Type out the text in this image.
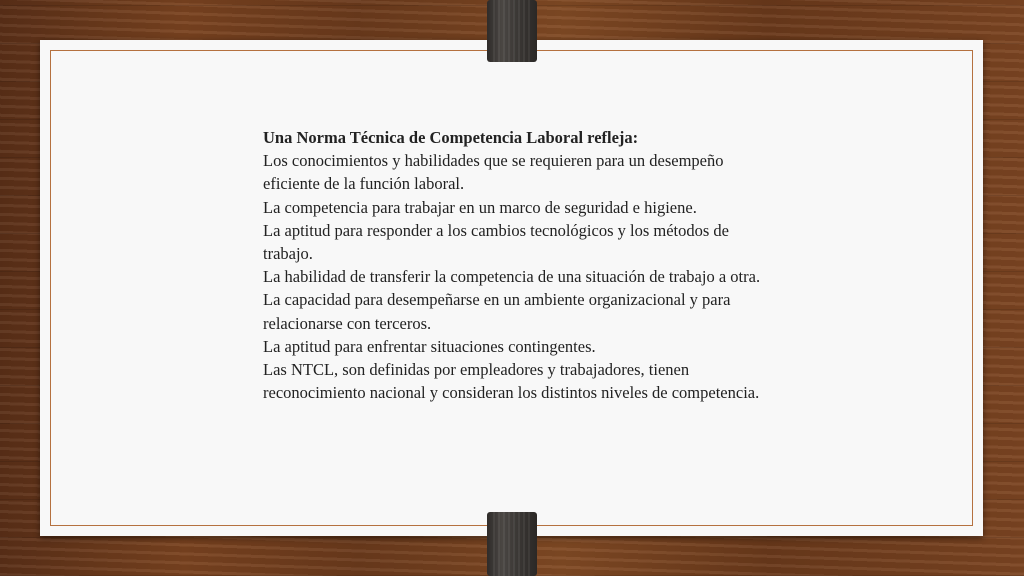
Una Norma Técnica de Competencia Laboral refleja:

Los conocimientos y habilidades que se requieren para un desempeño eficiente de la función laboral.

La competencia para trabajar en un marco de seguridad e higiene.

La aptitud para responder a los cambios tecnológicos y los métodos de trabajo.

La habilidad de transferir la competencia de una situación de trabajo a otra.

La capacidad para desempeñarse en un ambiente organizacional y para relacionarse con terceros.

La aptitud para enfrentar situaciones contingentes.

Las NTCL, son definidas por empleadores y trabajadores, tienen reconocimiento nacional y consideran los distintos niveles de competencia.
